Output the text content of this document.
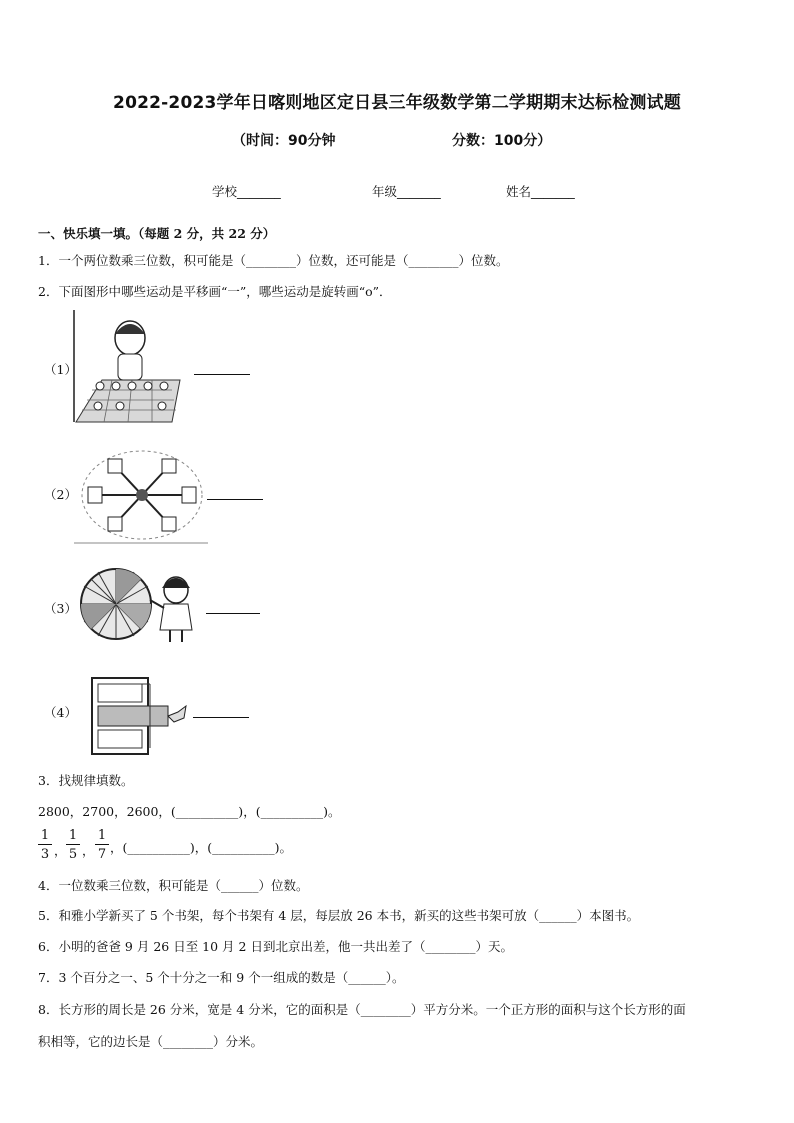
2022-2023学年日喀则地区定日县三年级数学第二学期期末达标检测试题
（时间：90分钟	分数：100分）
学校_______	年级_______	姓名_______
一、快乐填一填。（每题 2 分，共 22 分）
1．一个两位数乘三位数，积可能是（________）位数，还可能是（________）位数。
2．下面图形中哪些运动是平移画“一”，哪些运动是旋转画“o”．
（1）
（2）
（3）
（4）
3．找规律填数。
2800，2700，2600，(__________)，(__________)。
$\frac{1}{3}$ ， $\frac{1}{5}$ ， $\frac{1}{7}$ ，(__________)，(__________)。
4．一位数乘三位数，积可能是（______）位数。
5．和雅小学新买了 5 个书架，每个书架有 4 层，每层放 26 本书，新买的这些书架可放（______）本图书。
6．小明的爸爸 9 月 26 日至 10 月 2 日到北京出差，他一共出差了（________）天。
7．3 个百分之一、5 个十分之一和 9 个一组成的数是（______）。
8．长方形的周长是 26 分米，宽是 4 分米，它的面积是（________）平方分米。一个正方形的面积与这个长方形的面
积相等，它的边长是（________）分米。
